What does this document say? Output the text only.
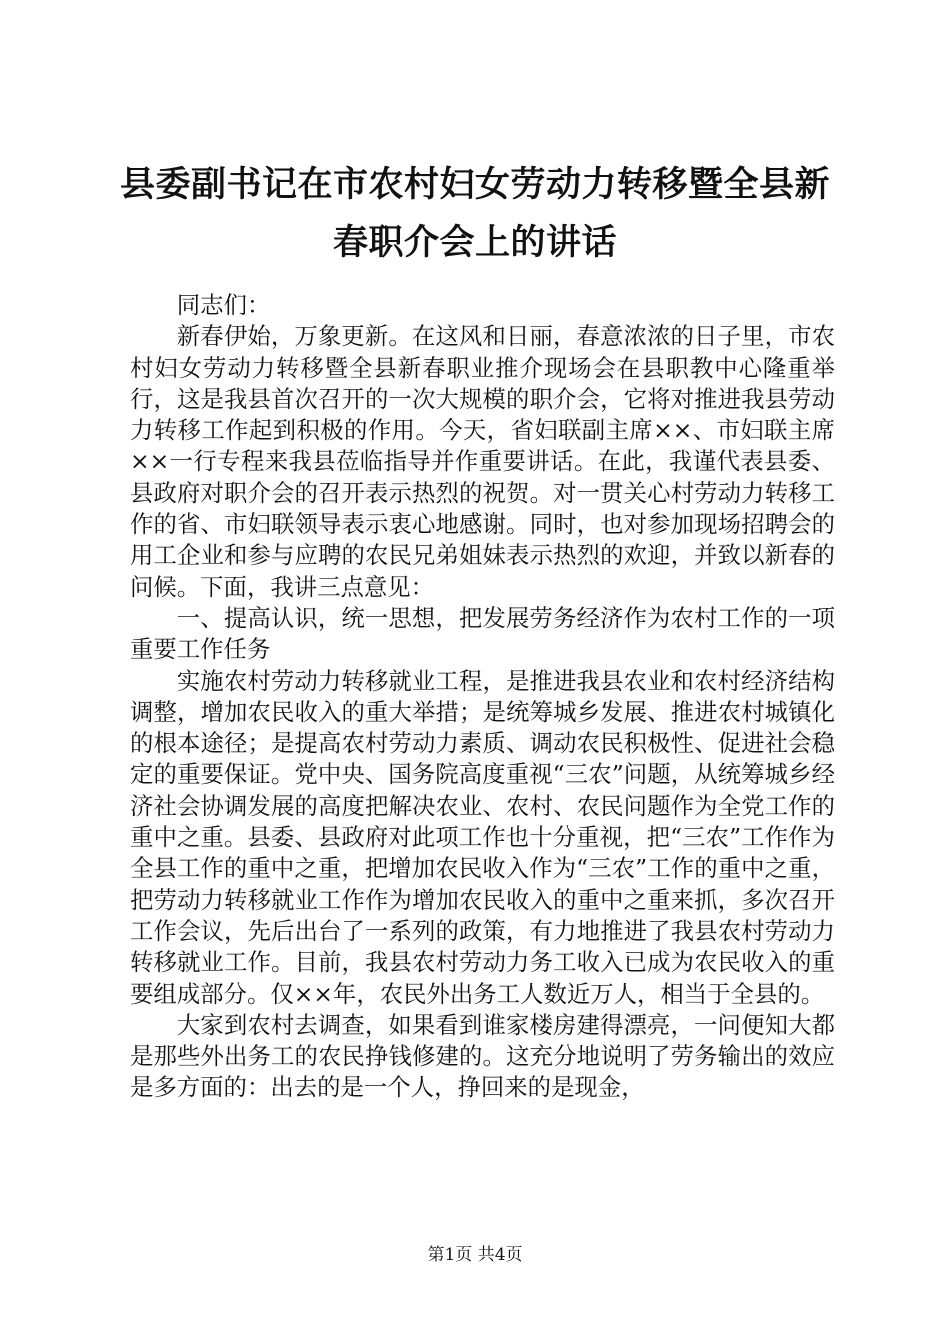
县委副书记在市农村妇女劳动力转移暨全县新
春职介会上的讲话

同志们：

新春伊始，万象更新。在这风和日丽，春意浓浓的日子里，市农村妇女劳动力转移暨全县新春职业推介现场会在县职教中心隆重举行，这是我县首次召开的一次大规模的职介会，它将对推进我县劳动力转移工作起到积极的作用。今天，省妇联副主席××、市妇联主席××一行专程来我县莅临指导并作重要讲话。在此，我谨代表县委、县政府对职介会的召开表示热烈的祝贺。对一贯关心村劳动力转移工作的省、市妇联领导表示衷心地感谢。同时，也对参加现场招聘会的用工企业和参与应聘的农民兄弟姐妹表示热烈的欢迎，并致以新春的问候。下面，我讲三点意见：

一、提高认识，统一思想，把发展劳务经济作为农村工作的一项重要工作任务

实施农村劳动力转移就业工程，是推进我县农业和农村经济结构调整，增加农民收入的重大举措；是统筹城乡发展、推进农村城镇化的根本途径；是提高农村劳动力素质、调动农民积极性、促进社会稳定的重要保证。党中央、国务院高度重视“三农”问题，从统筹城乡经济社会协调发展的高度把解决农业、农村、农民问题作为全党工作的重中之重。县委、县政府对此项工作也十分重视，把“三农”工作作为全县工作的重中之重，把增加农民收入作为“三农”工作的重中之重，把劳动力转移就业工作作为增加农民收入的重中之重来抓，多次召开工作会议，先后出台了一系列的政策，有力地推进了我县农村劳动力转移就业工作。目前，我县农村劳动力务工收入已成为农民收入的重要组成部分。仅××年，农民外出务工人数近万人，相当于全县的。

大家到农村去调查，如果看到谁家楼房建得漂亮，一问便知大都是那些外出务工的农民挣钱修建的。这充分地说明了劳务输出的效应是多方面的：出去的是一个人，挣回来的是现金，

第1页 共4页
